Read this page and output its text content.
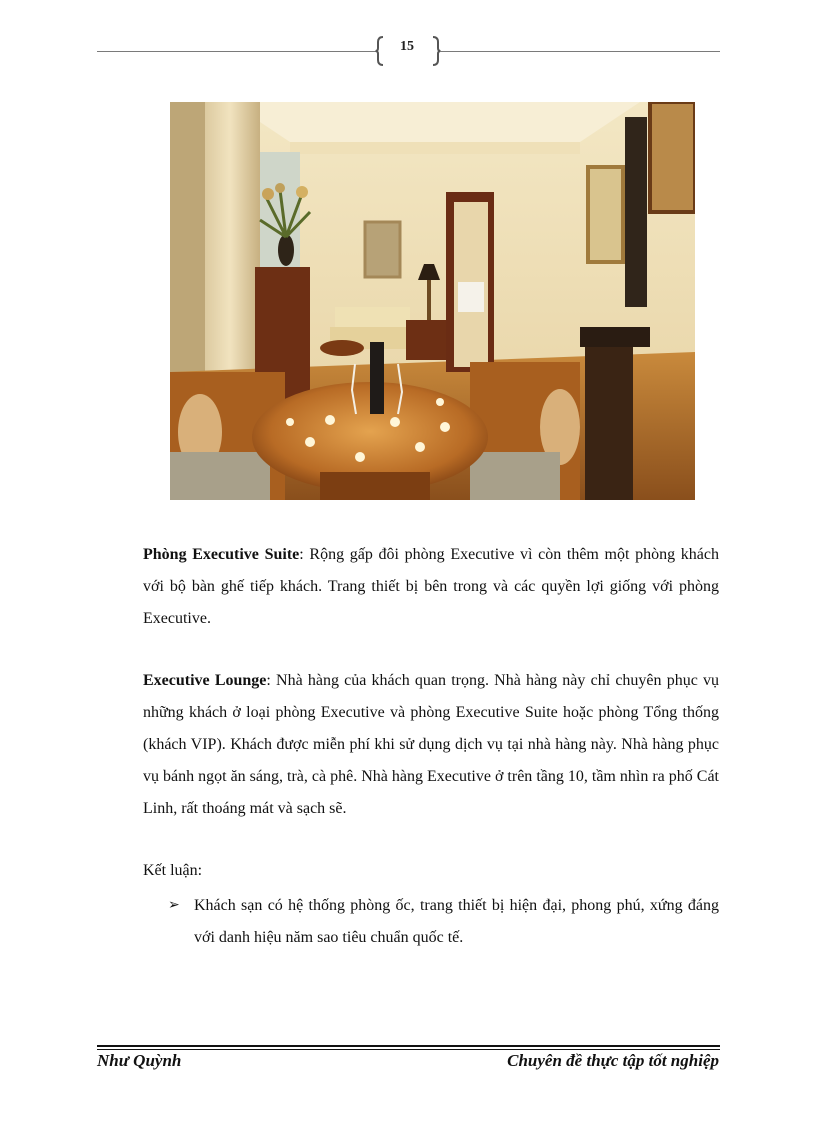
15
Phòng Executive Suite: Rộng gấp đôi phòng Executive vì còn thêm một phòng khách với bộ bàn ghế tiếp khách. Trang thiết bị bên trong và các quyền lợi giống với phòng Executive.
Executive Lounge: Nhà hàng của khách quan trọng. Nhà hàng này chỉ chuyên phục vụ những khách ở loại phòng Executive và phòng Executive Suite hoặc phòng Tổng thống (khách VIP). Khách được miễn phí khi sử dụng dịch vụ tại nhà hàng này. Nhà hàng phục vụ bánh ngọt ăn sáng, trà, cà phê. Nhà hàng Executive ở trên tầng 10, tầm nhìn ra phố Cát Linh, rất thoáng mát và sạch sẽ.
Kết luận:
➢ Khách sạn có hệ thống phòng ốc, trang thiết bị hiện đại, phong phú, xứng đáng với danh hiệu năm sao tiêu chuẩn quốc tế.
Như Quỳnh	Chuyên đề thực tập tốt nghiệp
